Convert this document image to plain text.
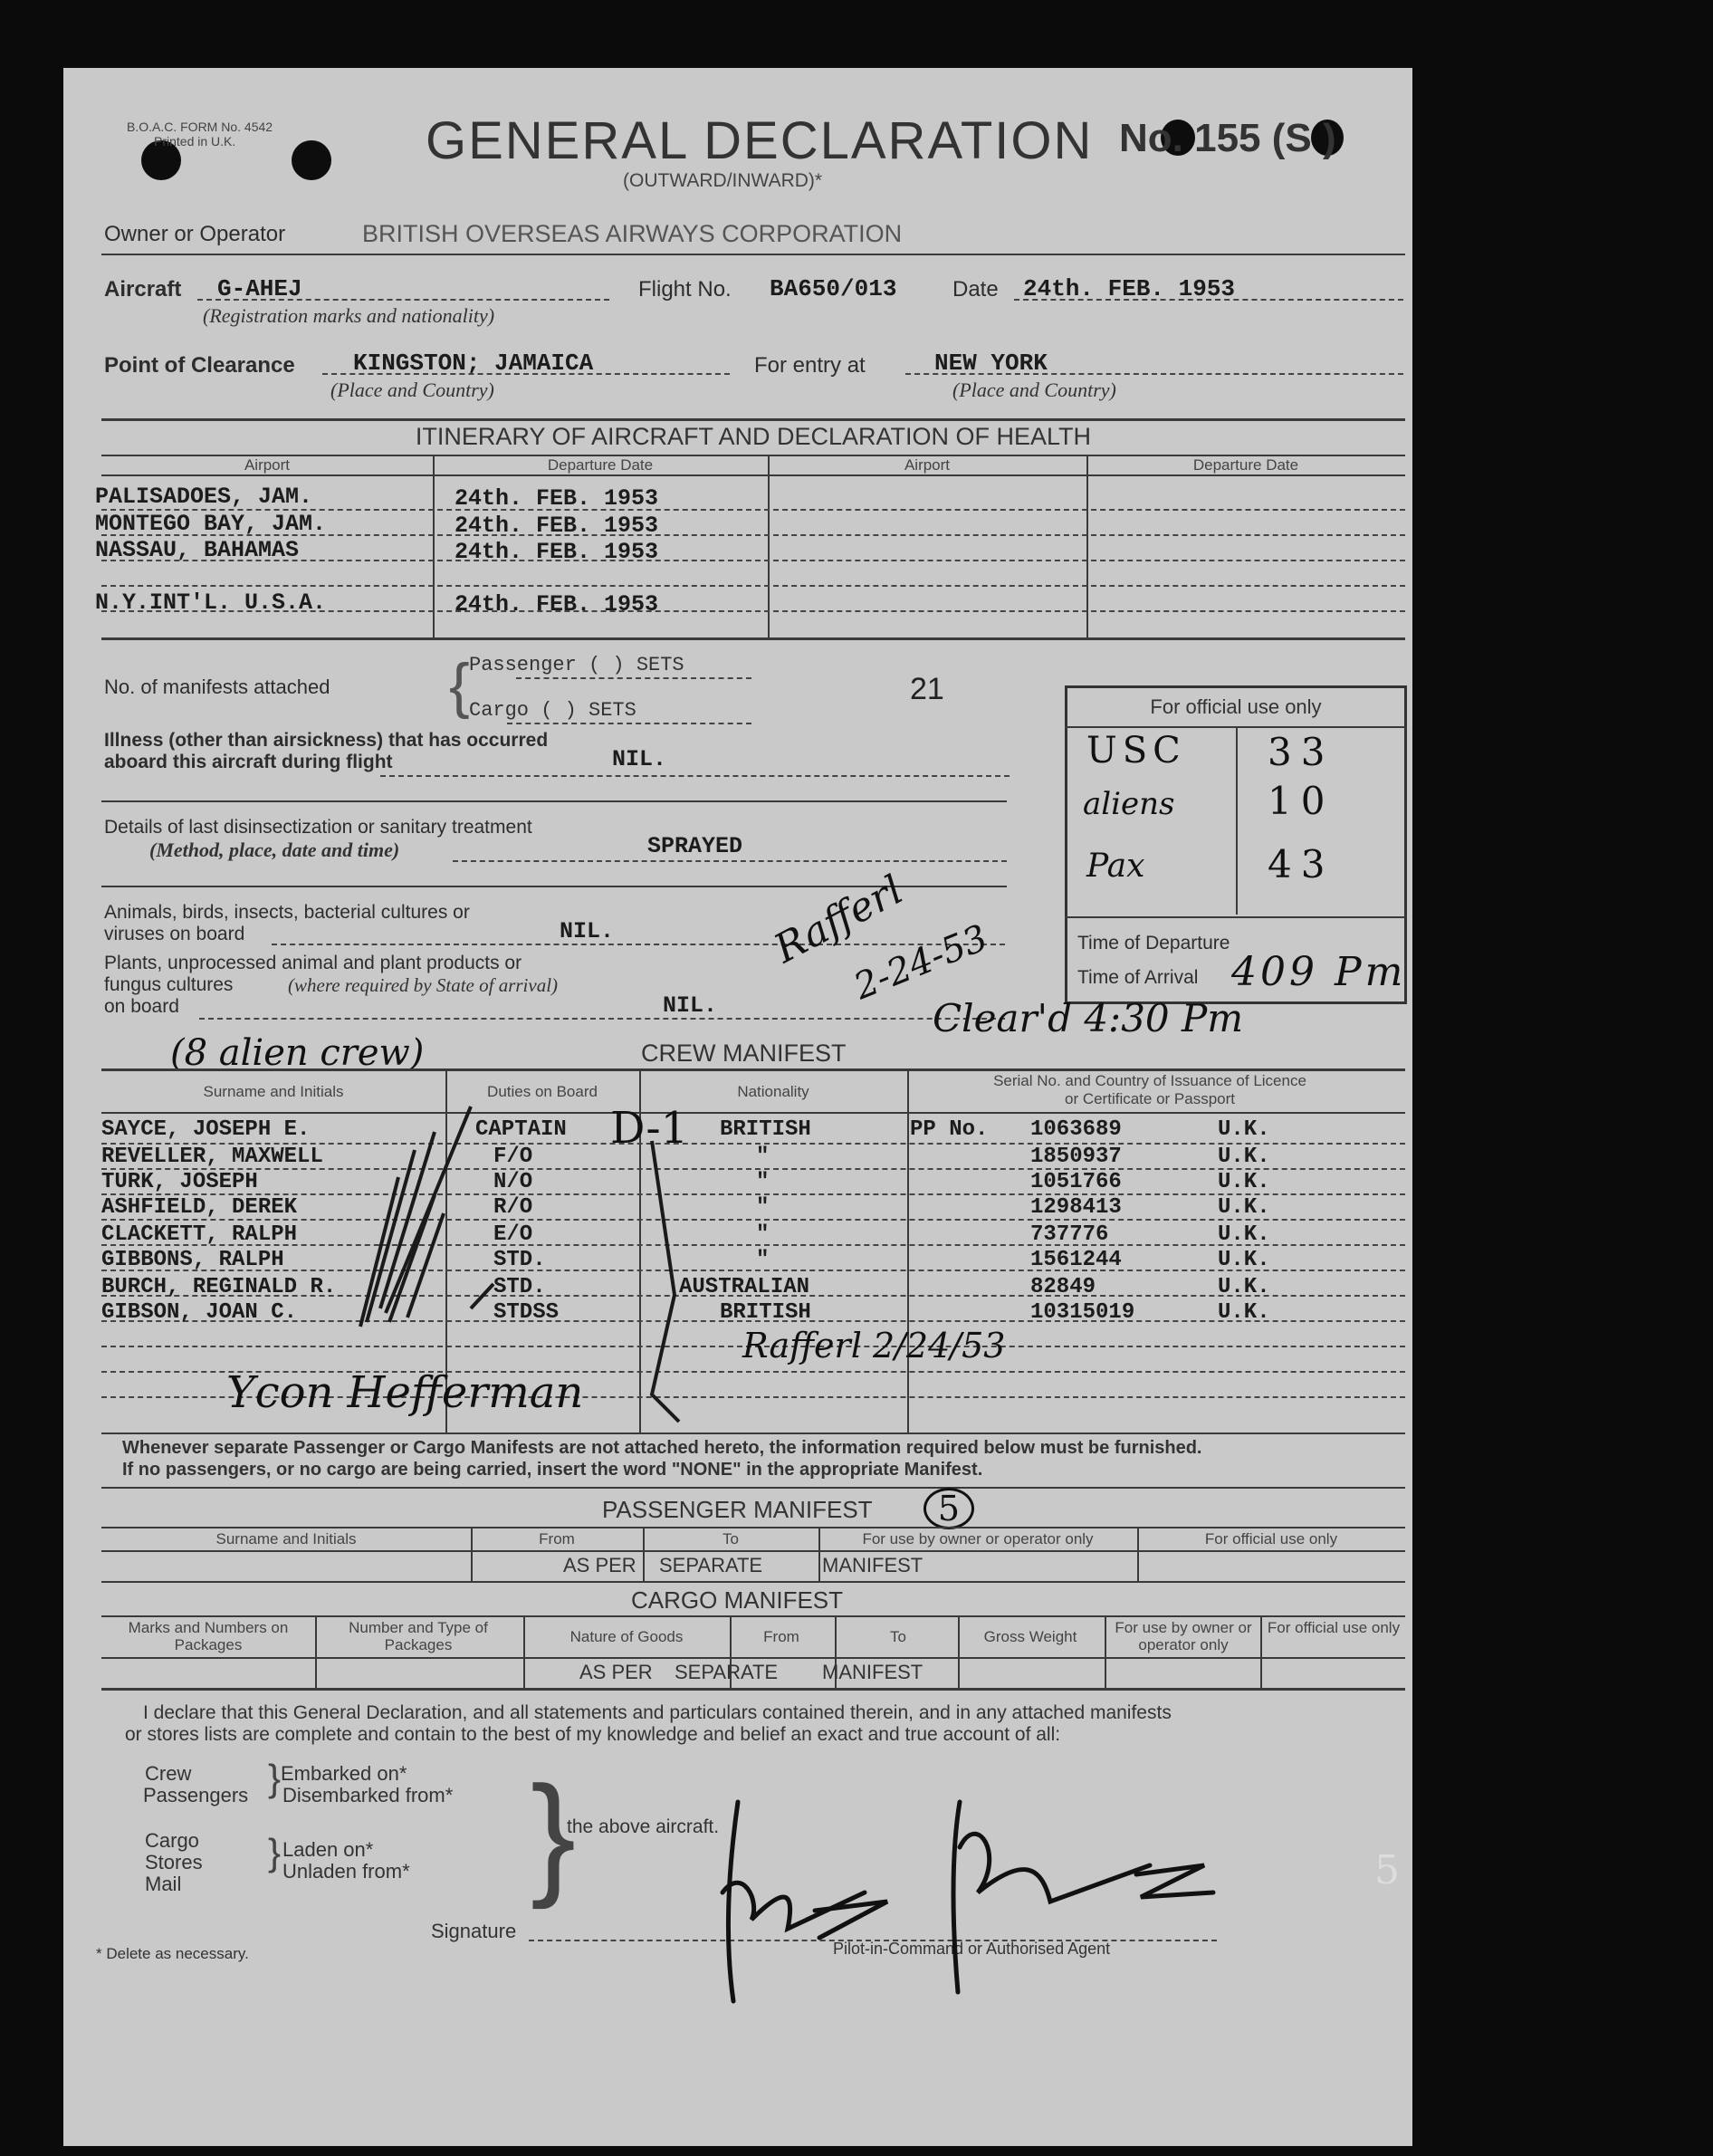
B.O.A.C. FORM No. 4542
Printed in U.K.	GENERAL DECLARATION No. 155 (S )
(OUTWARD/INWARD)*
Owner or Operator	BRITISH OVERSEAS AIRWAYS CORPORATION
Aircraft G-AHEJ
(Registration marks and nationality)
Flight No. BA650/013	Date 24th. FEB. 1953
Point of Clearance KINGSTON; JAMAICA
(Place and Country)
For entry at	NEW YORK
(Place and Country)
ITINERARY OF AIRCRAFT AND DECLARATION OF HEALTH
Airport	Departure Date	Airport	Departure Date
PALISADOES, JAM.	24th. FEB. 1953
MONTEGO BAY, JAM.	24th. FEB. 1953
NASSAU, BAHAMAS	24th. FEB. 1953
N.Y.INT'L. U.S.A.	24th. FEB. 1953
No. of manifests attached { Passenger ( ) SETS
Cargo ( ) SETS
21
Illness (other than airsickness) that has occurred
aboard this aircraft during flight	NIL.
Details of last disinsectization or sanitary treatment
(Method, place, date and time)	SPRAYED
Animals, birds, insects, bacterial cultures or
viruses on board	NIL.
Plants, unprocessed animal and plant products or
fungus cultures	(where required by State of arrival)
on board	NIL.
For official use only
USC 33
aliens 10
Pax	43
Time of Departure
Time of Arrival 409 Pm
Clear'd 4:30 Pm
Rafferl
2-24-53
(8 alien crew)	CREW MANIFEST
Surname and Initials	Duties on Board	Nationality
Serial No. and Country of Issuance of Licence or Certificate or Passport
SAYCE, JOSEPH E.	CAPTAIN	BRITISH	PP No. 1063689	U.K.
REVELLER, MAXWELL	F/O	"	1850937	U.K.
TURK, JOSEPH	N/O	"	1051766	U.K.
ASHFIELD, DEREK	R/O	"	1298413	U.K.
CLACKETT, RALPH	E/O	"	737776	U.K.
GIBBONS, RALPH	STD.	"	1561244	U.K.
BURCH, REGINALD R.	STD.	AUSTRALIAN	82849	U.K.
GIBSON, JOAN C.	STDSS	BRITISH	10315019	U.K.
D-1
Rafferl 2/24/53
Ycon Hefferman
Whenever separate Passenger or Cargo Manifests are not attached hereto, the information required below must be furnished.
If no passengers, or no cargo are being carried, insert the word "NONE" in the appropriate Manifest.
PASSENGER MANIFEST	5
Surname and Initials	From	To	For use by owner or operator only	For official use only
AS PER SEPARATE	MANIFEST
CARGO MANIFEST
Marks and Numbers on Packages
Number and Type of Packages	Nature of Goods	From	To	Gross Weight
For use by owner or operator only
For official use only
AS PER SEPARATE MANIFEST
I declare that this General Declaration, and all statements and particulars contained therein, and in any attached manifests
or stores lists are complete and contain to the best of my knowledge and belief an exact and true account of all:
Crew
Passengers } Embarked on*
Disembarked from*
Cargo
Stores
Mail
} Laden on*
Unladen from* }
the above aircraft.
Signature
Pilot-in-Command or Authorised Agent
* Delete as necessary.
5
